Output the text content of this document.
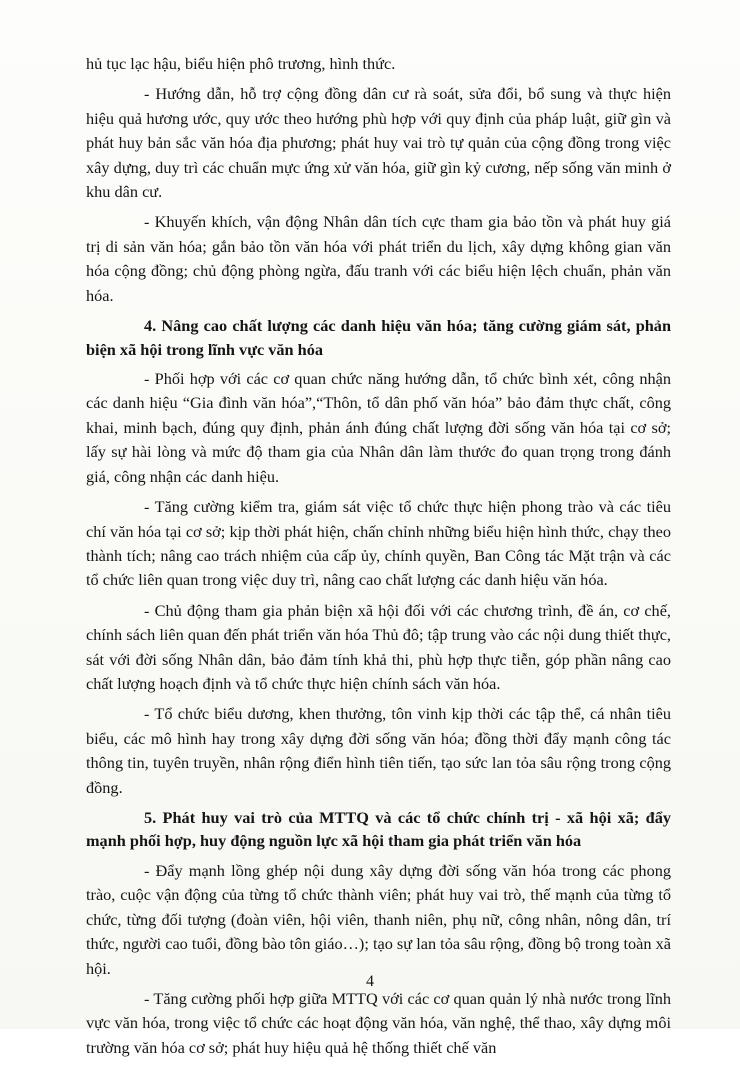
hủ tục lạc hậu, biểu hiện phô trương, hình thức.

- Hướng dẫn, hỗ trợ cộng đồng dân cư rà soát, sửa đổi, bổ sung và thực hiện hiệu quả hương ước, quy ước theo hướng phù hợp với quy định của pháp luật, giữ gìn và phát huy bản sắc văn hóa địa phương; phát huy vai trò tự quản của cộng đồng trong việc xây dựng, duy trì các chuẩn mực ứng xử văn hóa, giữ gìn kỷ cương, nếp sống văn minh ở khu dân cư.

- Khuyến khích, vận động Nhân dân tích cực tham gia bảo tồn và phát huy giá trị di sản văn hóa; gắn bảo tồn văn hóa với phát triển du lịch, xây dựng không gian văn hóa cộng đồng; chủ động phòng ngừa, đấu tranh với các biểu hiện lệch chuẩn, phản văn hóa.

4. Nâng cao chất lượng các danh hiệu văn hóa; tăng cường giám sát, phản biện xã hội trong lĩnh vực văn hóa

- Phối hợp với các cơ quan chức năng hướng dẫn, tổ chức bình xét, công nhận các danh hiệu “Gia đình văn hóa”,“Thôn, tổ dân phố văn hóa” bảo đảm thực chất, công khai, minh bạch, đúng quy định, phản ánh đúng chất lượng đời sống văn hóa tại cơ sở; lấy sự hài lòng và mức độ tham gia của Nhân dân làm thước đo quan trọng trong đánh giá, công nhận các danh hiệu.

- Tăng cường kiểm tra, giám sát việc tổ chức thực hiện phong trào và các tiêu chí văn hóa tại cơ sở; kịp thời phát hiện, chấn chỉnh những biểu hiện hình thức, chạy theo thành tích; nâng cao trách nhiệm của cấp ủy, chính quyền, Ban Công tác Mặt trận và các tổ chức liên quan trong việc duy trì, nâng cao chất lượng các danh hiệu văn hóa.

- Chủ động tham gia phản biện xã hội đối với các chương trình, đề án, cơ chế, chính sách liên quan đến phát triển văn hóa Thủ đô; tập trung vào các nội dung thiết thực, sát với đời sống Nhân dân, bảo đảm tính khả thi, phù hợp thực tiễn, góp phần nâng cao chất lượng hoạch định và tổ chức thực hiện chính sách văn hóa.

- Tổ chức biểu dương, khen thưởng, tôn vinh kịp thời các tập thể, cá nhân tiêu biểu, các mô hình hay trong xây dựng đời sống văn hóa; đồng thời đẩy mạnh công tác thông tin, tuyên truyền, nhân rộng điển hình tiên tiến, tạo sức lan tỏa sâu rộng trong cộng đồng.

5. Phát huy vai trò của MTTQ và các tổ chức chính trị - xã hội xã; đẩy mạnh phối hợp, huy động nguồn lực xã hội tham gia phát triển văn hóa

- Đẩy mạnh lồng ghép nội dung xây dựng đời sống văn hóa trong các phong trào, cuộc vận động của từng tổ chức thành viên; phát huy vai trò, thế mạnh của từng tổ chức, từng đối tượng (đoàn viên, hội viên, thanh niên, phụ nữ, công nhân, nông dân, trí thức, người cao tuổi, đồng bào tôn giáo…); tạo sự lan tỏa sâu rộng, đồng bộ trong toàn xã hội.

- Tăng cường phối hợp giữa MTTQ với các cơ quan quản lý nhà nước trong lĩnh vực văn hóa, trong việc tổ chức các hoạt động văn hóa, văn nghệ, thể thao, xây dựng môi trường văn hóa cơ sở; phát huy hiệu quả hệ thống thiết chế văn

4
